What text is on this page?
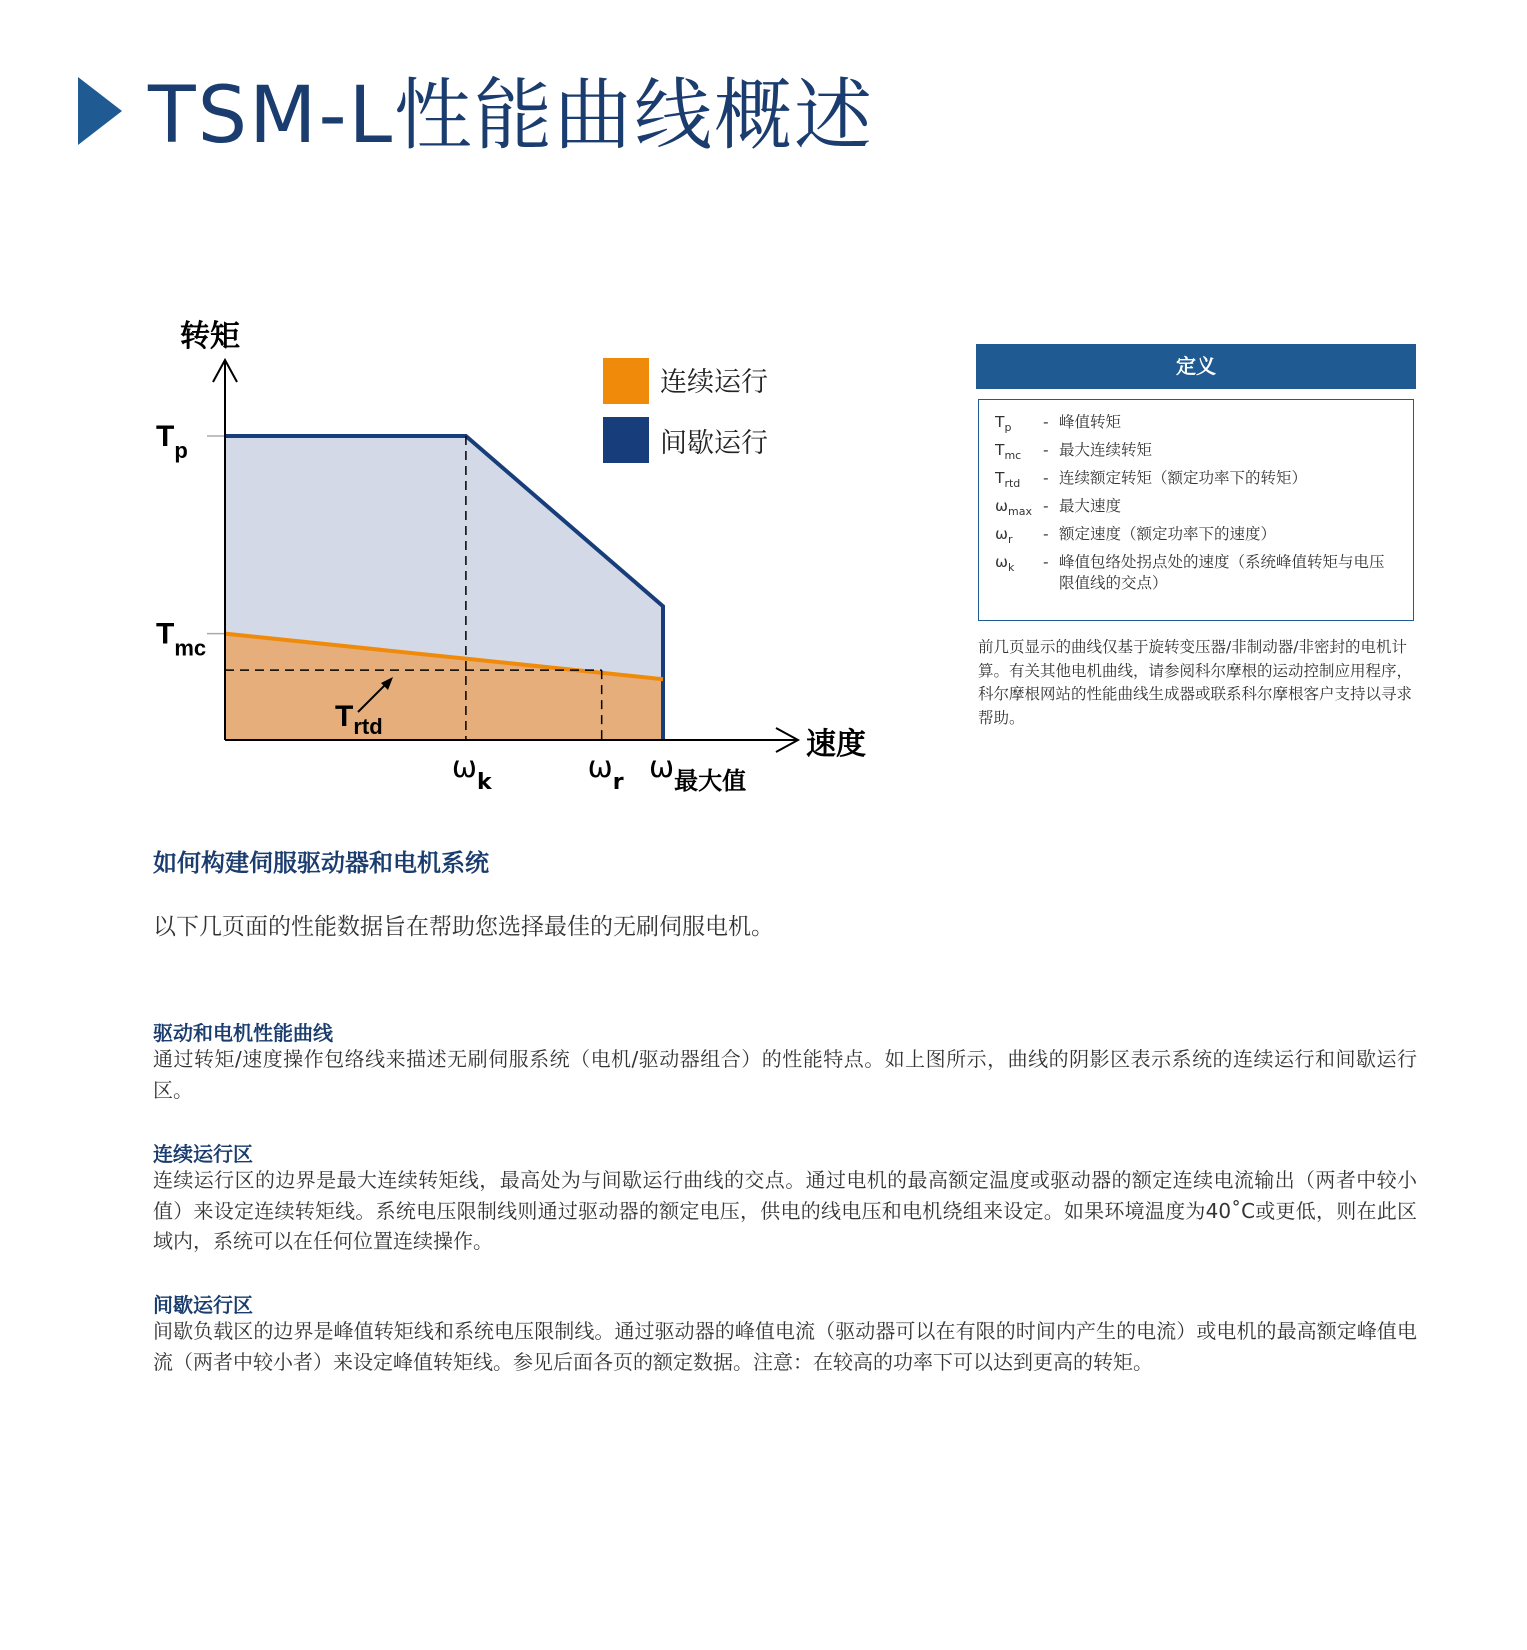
TSM-L性能曲线概述
转矩
速度
$T_p$
$T_{mc}$
$\omega_k$	$\omega_r$ $\omega_{最大值}$
$T_{rtd}$
连续运行
间歇运行
定义
$T_p$	- 峰值转矩
$T_{mc}$	- 最大连续转矩
$T_{rtd}$	- 连续额定转矩（额定功率下的转矩）
$\omega_{max}$ - 最大速度
$\omega_r$	- 额定速度（额定功率下的速度）
$\omega_k$	- 峰值包络处拐点处的速度（系统峰值转矩与电压限值线的交点）

前几页显示的曲线仅基于旋转变压器/非制动器/非密封的电机计算。有关其他电机曲线，请参阅科尔摩根的运动控制应用程序，科尔摩根网站的性能曲线生成器或联系科尔摩根客户支持以寻求帮助。

如何构建伺服驱动器和电机系统

以下几页面的性能数据旨在帮助您选择最佳的无刷伺服电机。

驱动和电机性能曲线

通过转矩/速度操作包络线来描述无刷伺服系统（电机/驱动器组合）的性能特点。如上图所示，曲线的阴影区表示系统的连续运行和间歇运行区。

连续运行区

连续运行区的边界是最大连续转矩线，最高处为与间歇运行曲线的交点。通过电机的最高额定温度或驱动器的额定连续电流输出（两者中较小值）来设定连续转矩线。系统电压限制线则通过驱动器的额定电压，供电的线电压和电机绕组来设定。如果环境温度为40˚C或更低，则在此区域内，系统可以在任何位置连续操作。

间歇运行区

间歇负载区的边界是峰值转矩线和系统电压限制线。通过驱动器的峰值电流（驱动器可以在有限的时间内产生的电流）或电机的最高额定峰值电流（两者中较小者）来设定峰值转矩线。参见后面各页的额定数据。注意：在较高的功率下可以达到更高的转矩。
